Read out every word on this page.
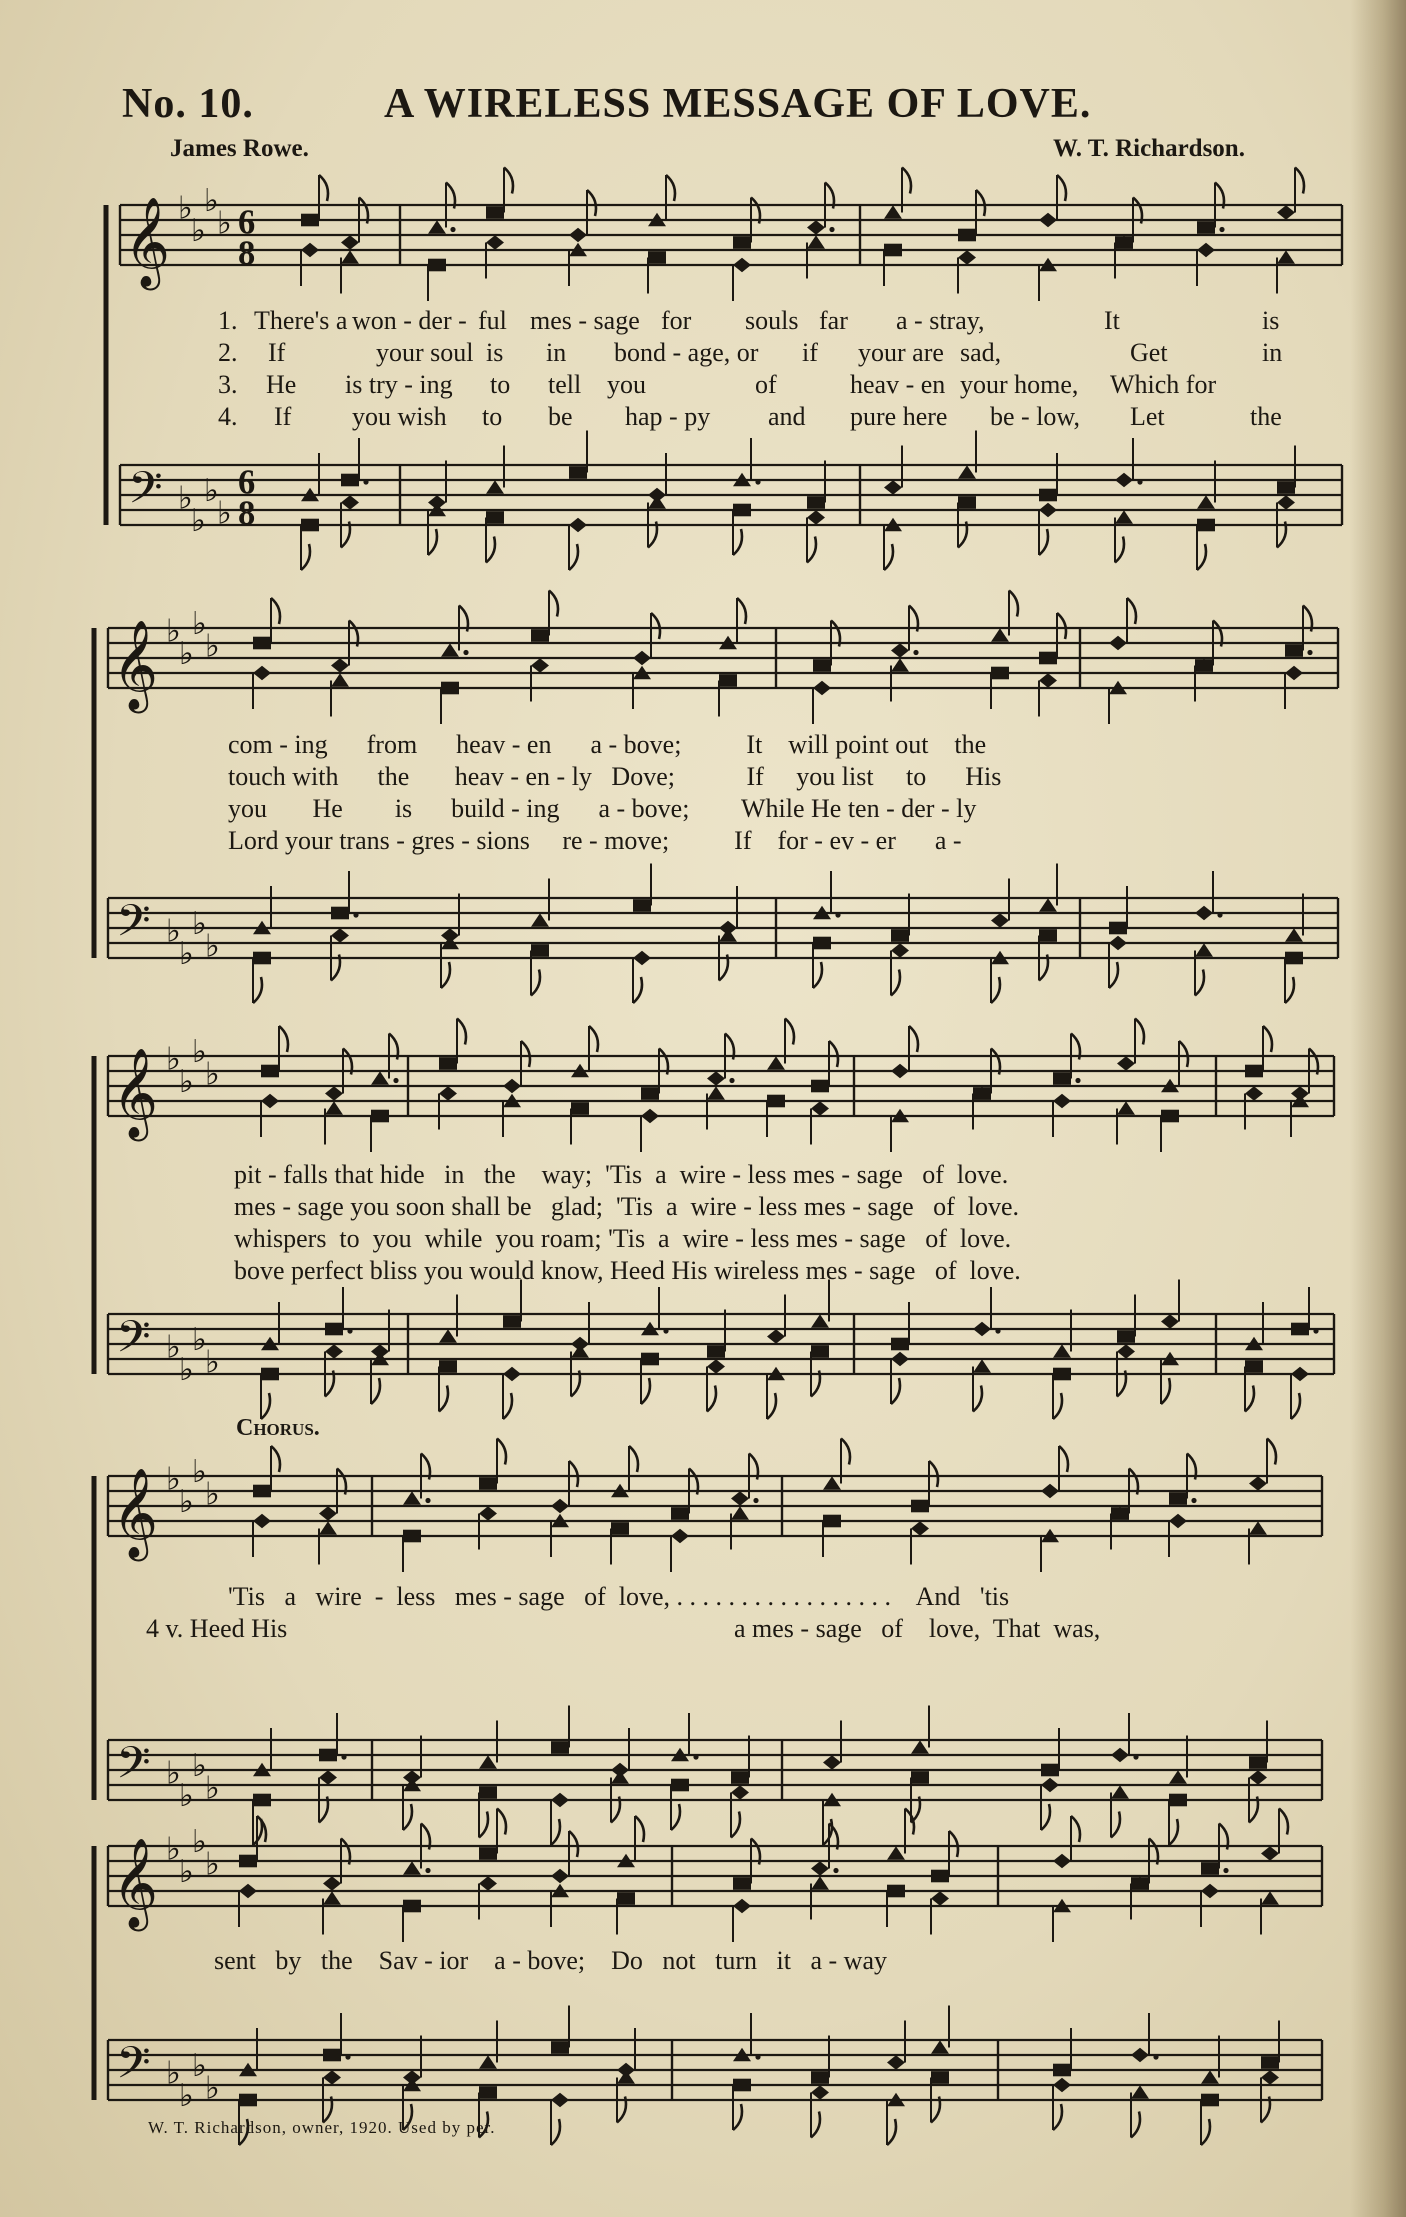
No. 10.	A WIRELESS MESSAGE OF LOVE.
James Rowe.	W. T. Richardson.
𝄞
𝄢
♭
♭
♭
♭
♭
♭
♭
♭
6
8
6
8
𝄞
𝄢
♭
♭
♭
♭
♭
♭
♭
♭
𝄞
𝄢
♭
♭
♭
♭
♭
♭
♭
♭
𝄞
𝄢
♭
♭
♭
♭
♭
♭
♭
♭
𝄞
𝄢
♭
♭
♭
♭
♭
♭
♭
♭
1. There's a won - der - ful mes - sage for souls far a - stray,	It	is
2. If	your soul is in bond - age, or if your are sad,	Get	in
3. He is try - ing to tell you	of	heav - en your home, Which for
4. If you wish to be hap - py and pure here be - low, Let	the
com - ing      from      heav - en      a - bove;          It    will point out    the
touch with      the       heav - en - ly   Dove;           If     you list     to      His
you       He        is      build - ing      a - bove;        While He ten - der - ly
Lord your trans - gres - sions     re - move;          If    for - ev - er      a -
pit - falls that hide   in   the    way;  'Tis  a  wire - less mes - sage   of  love.
mes - sage you soon shall be   glad;  'Tis  a  wire - less mes - sage   of  love.
whispers  to  you  while  you roam; 'Tis  a  wire - less mes - sage   of  love.
bove perfect bliss you would know, Heed His wireless mes - sage   of  love.
Chorus.
'Tis   a   wire  -  less   mes - sage   of  love, . . . . . . . . . . . . . . . . .    And   'tis
4 v. Heed His	a mes - sage   of    love,  That  was,
sent   by   the    Sav - ior    a - bove;    Do   not   turn   it   a - way
W. T. Richardson, owner, 1920. Used by per.
